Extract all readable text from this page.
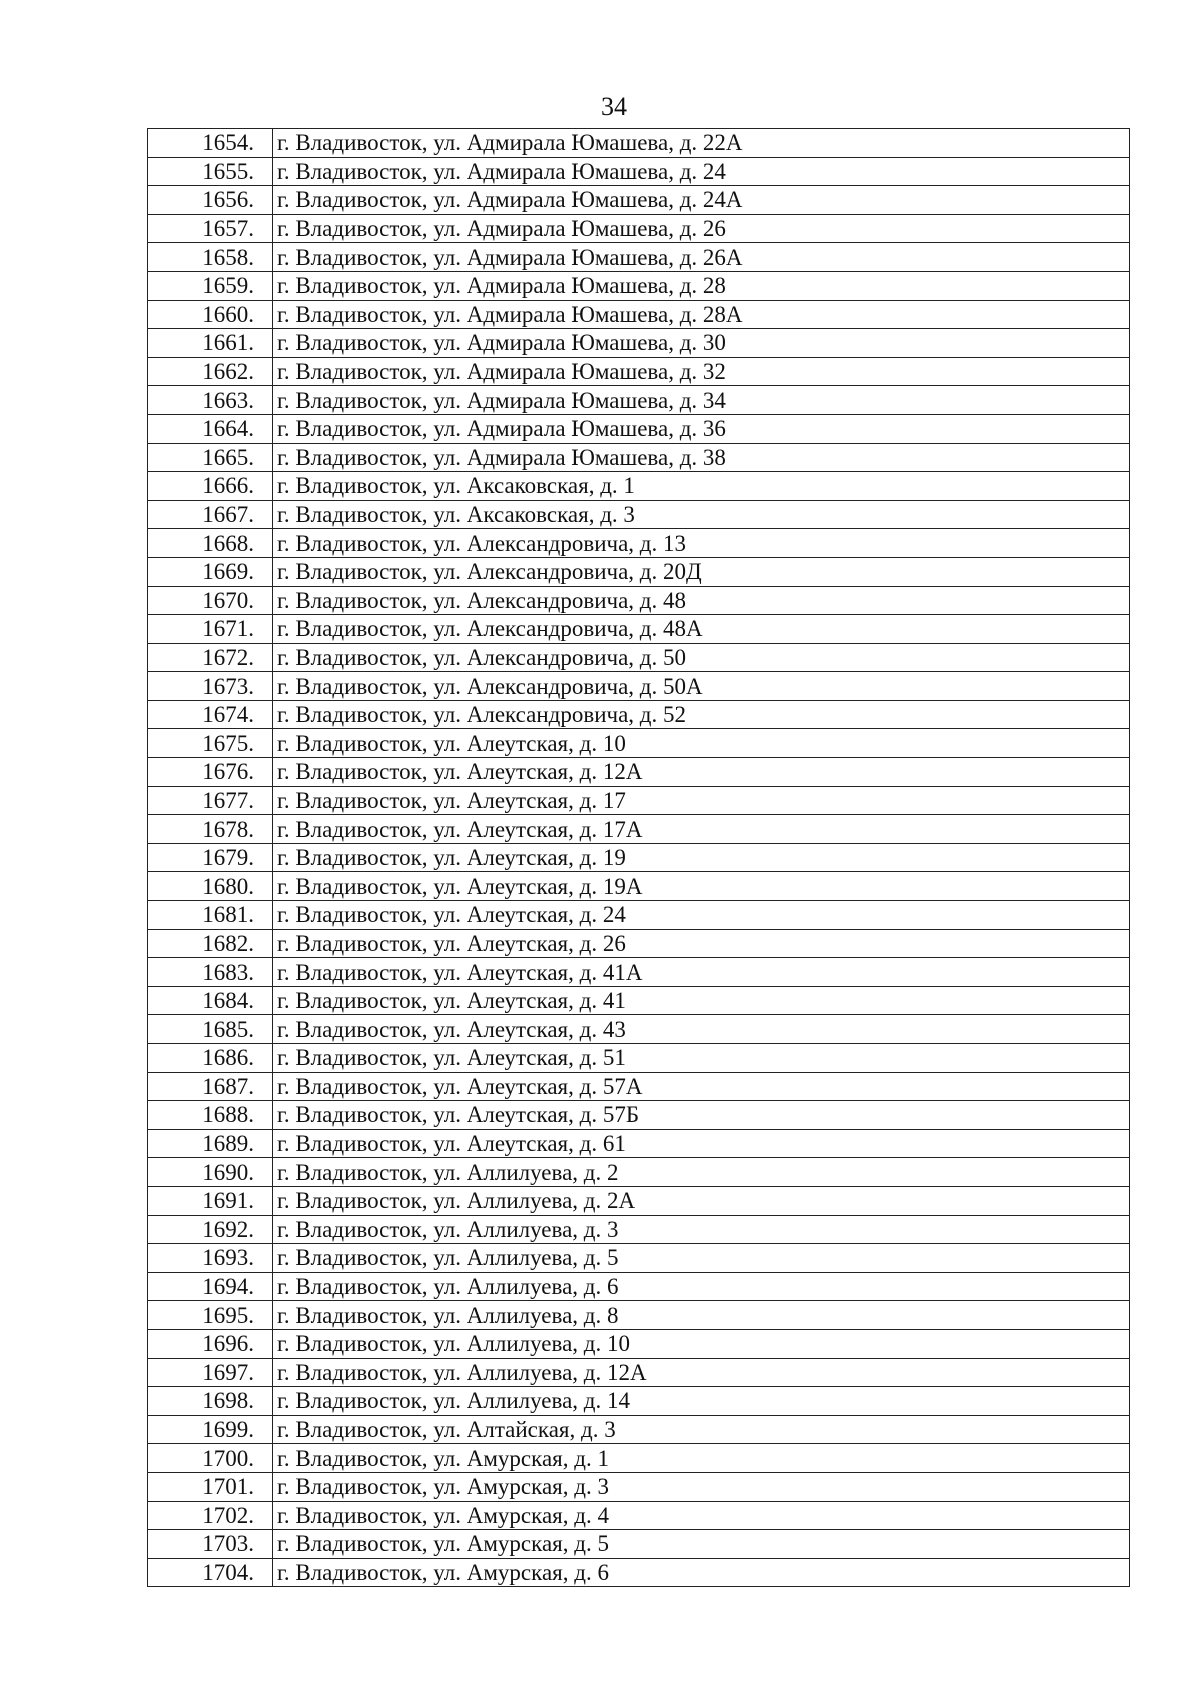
34
1654.	г. Владивосток, ул. Адмирала Юмашева, д. 22А
1655.	г. Владивосток, ул. Адмирала Юмашева, д. 24
1656.	г. Владивосток, ул. Адмирала Юмашева, д. 24А
1657.	г. Владивосток, ул. Адмирала Юмашева, д. 26
1658.	г. Владивосток, ул. Адмирала Юмашева, д. 26А
1659.	г. Владивосток, ул. Адмирала Юмашева, д. 28
1660.	г. Владивосток, ул. Адмирала Юмашева, д. 28А
1661.	г. Владивосток, ул. Адмирала Юмашева, д. 30
1662.	г. Владивосток, ул. Адмирала Юмашева, д. 32
1663.	г. Владивосток, ул. Адмирала Юмашева, д. 34
1664.	г. Владивосток, ул. Адмирала Юмашева, д. 36
1665.	г. Владивосток, ул. Адмирала Юмашева, д. 38
1666.	г. Владивосток, ул. Аксаковская, д. 1
1667.	г. Владивосток, ул. Аксаковская, д. 3
1668.	г. Владивосток, ул. Александровича, д. 13
1669.	г. Владивосток, ул. Александровича, д. 20Д
1670.	г. Владивосток, ул. Александровича, д. 48
1671.	г. Владивосток, ул. Александровича, д. 48А
1672.	г. Владивосток, ул. Александровича, д. 50
1673.	г. Владивосток, ул. Александровича, д. 50А
1674.	г. Владивосток, ул. Александровича, д. 52
1675.	г. Владивосток, ул. Алеутская, д. 10
1676.	г. Владивосток, ул. Алеутская, д. 12А
1677.	г. Владивосток, ул. Алеутская, д. 17
1678.	г. Владивосток, ул. Алеутская, д. 17А
1679.	г. Владивосток, ул. Алеутская, д. 19
1680.	г. Владивосток, ул. Алеутская, д. 19А
1681.	г. Владивосток, ул. Алеутская, д. 24
1682.	г. Владивосток, ул. Алеутская, д. 26
1683.	г. Владивосток, ул. Алеутская, д. 41А
1684.	г. Владивосток, ул. Алеутская, д. 41
1685.	г. Владивосток, ул. Алеутская, д. 43
1686.	г. Владивосток, ул. Алеутская, д. 51
1687.	г. Владивосток, ул. Алеутская, д. 57А
1688.	г. Владивосток, ул. Алеутская, д. 57Б
1689.	г. Владивосток, ул. Алеутская, д. 61
1690.	г. Владивосток, ул. Аллилуева, д. 2
1691.	г. Владивосток, ул. Аллилуева, д. 2А
1692.	г. Владивосток, ул. Аллилуева, д. 3
1693.	г. Владивосток, ул. Аллилуева, д. 5
1694.	г. Владивосток, ул. Аллилуева, д. 6
1695.	г. Владивосток, ул. Аллилуева, д. 8
1696.	г. Владивосток, ул. Аллилуева, д. 10
1697.	г. Владивосток, ул. Аллилуева, д. 12А
1698.	г. Владивосток, ул. Аллилуева, д. 14
1699.	г. Владивосток, ул. Алтайская, д. 3
1700.	г. Владивосток, ул. Амурская, д. 1
1701.	г. Владивосток, ул. Амурская, д. 3
1702.	г. Владивосток, ул. Амурская, д. 4
1703.	г. Владивосток, ул. Амурская, д. 5
1704.	г. Владивосток, ул. Амурская, д. 6
